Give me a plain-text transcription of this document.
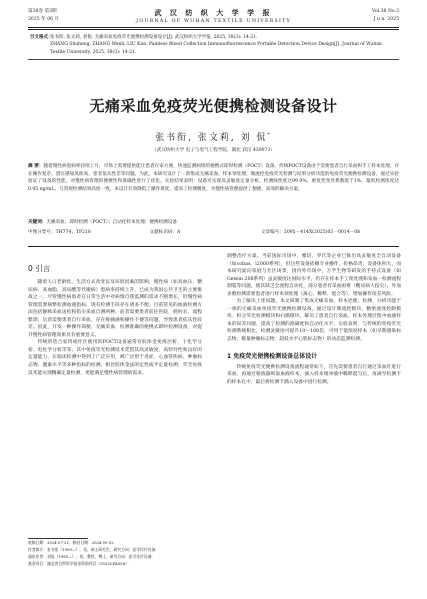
第38卷 第3期
2025 年 06 月
武 汉 纺 织 大 学 学 报
JOURNAL OF WUHAN TEXTILE UNIVERSITY
Vol.38 No.3
J u n. 2025
引文格式：
张书衔, 张文莉, 刘倪. 无痛采血免疫荧光便携检测设备设计[J]. 武汉纺织大学学报, 2025, 38(3): 14-21.
ZHANG Shuheng, ZHANG Wenli, LIU Kan. Painless Blood Collection Immunofluorescence Portable Detection Device Design[J]. Journal of Wuhan Textile University, 2025, 38(3): 14-21.
无痛采血免疫荧光便携检测设备设计
张书衔, 张文莉, 刘 侃*
（武汉纺织大学 电子与电气工程学院，湖北 武汉 430073）
摘 要：随着慢性病患病率持续上升，市场上需要提供能让患者在家方便、快速监测病情的便携式即时检测（POCT）设备。传统POCT设备由于需要患者自行采血和手工样本处理，存在操作复杂、潜在感染风险高、患者依从性差等问题。为此，本研究设计了一款集成无痛采血、样本预处理、微流控免疫荧光检测与结果分析功能的免疫荧光便携检测设备，通过实验验证了设备的性能，对慢性病管理的便捷性和准确性进行了优化。实验结果表明：设备可实现高灵敏度定量分析，检测线性度达99.9%，重复性变异系数低于1%，最低检测浓度达0.05 ng/mL，与常规检测结果高度一致。本设计有效降低了操作难度，提高了检测精度，为慢性病管理提供了便捷、高效的解决方案。
关键词：无痛采血；即时检测（POCT）；自动化样本处理；便携检测设备
中图分类号：TH774；TP216	文献标识码：A	文章编号：2095－414X(2025)03－0014－08
0 引言

随着人口老龄化、生活方式改变以及环境因素的影响，慢性病（如高血压、糖尿病、高血脂、高尿酸等代谢病）患病率持续上升，已成为我国公共卫生的主要挑战之一。尽管慢性病患者在日常生活中对病情自我监测的需求不断增长，但慢性病管理需要频繁检测血液指标，现有检测手段存在诸多不便。目前常见的血液检测方法包括静脉采血送检和指尖采血自测两种，前者需要患者前往医院，耗时长、流程繁琐；后者需要患者自行采血，存在疼痛感和操作不便等问题，导致患者依从性较差。因此，开发一种操作简便、无痛采血、检测准确的便携式即时检测设备，对提升慢性病管理效果具有重要意义。

传统的适合家用或社区使用的POCT设备通常有胶体金免疫层析、干化学分析、电化学分析等等。其中免疫荧光检测技术凭借其高灵敏度、高特异性和良好的定量能力，在临床检测中得到了广泛应用，被广泛用于炎症、心血管疾病、肿瘤标志物、激素水平等多种指标的检测。相比胶体金法的定性或半定量检测，荧光免疫技术能实现精确定量检测，更能满足慢性病管理的需求。

调整治疗方案。当前国际市场中，雅培、罗氏等企业已推出高灵敏度全自动设备（如cobas、i2000系列），但这些设备依赖专业操作，价格昂贵，设备体积大，而本研究面向家庭与社区场景，国内外市场中，万孚生物等研发的手持式设备（如Getein 208系列）虽灵敏度达国际水平，仍存在样本手工预处理和采血－检测流程割裂等问题，使其缺乏全流程自动化，部分患者有采血困难（糖尿病人指尖），外加多数检测需要患者进行样本预处理（离心、稀释、混合等），增加操作误差风险。

为了解决上述问题，本文研制了集成无痛采血、样本处理、检测、分析功能于一体的无痛采血免疫荧光便携检测设备。通过设计微流控模块、精密流体控制模块、积分荧光检测模块和扫描模块，解决了患者自行采血、样本处理过程中血液样本的误差问题，提高了检测的准确度和自动化水平。实验表明，与传统的免疫荧光检测系统相比，检测灵敏度可提升10～100倍，可用于低浓度样本（如早期感染标志物、微量肿瘤标志物、超低水平心肌标志物）的动态监测检测。

1 免疫荧光便携检测设备总体设计

传统免疫荧光便携检测设备流程通常如下，首先需要患者自行通过采血针进行采血，再通过移液器吸取血液样本，滴入样本缓冲液中稀释混匀后，再滴至检测卡的样本孔中，最后将检测卡插入设备中进行检测。

收稿日期：2024-07-21；修回日期：2024-09-02.
作者简介：张书衔（1999—），男，硕士研究生，研究方向：医学诊疗设备.
通讯作者：刘侃（1983—），男，教授，博士，研究方向：医学诊疗设备.
基金项目：湖北省自然科学基金资助项目（2022CFA058）.
